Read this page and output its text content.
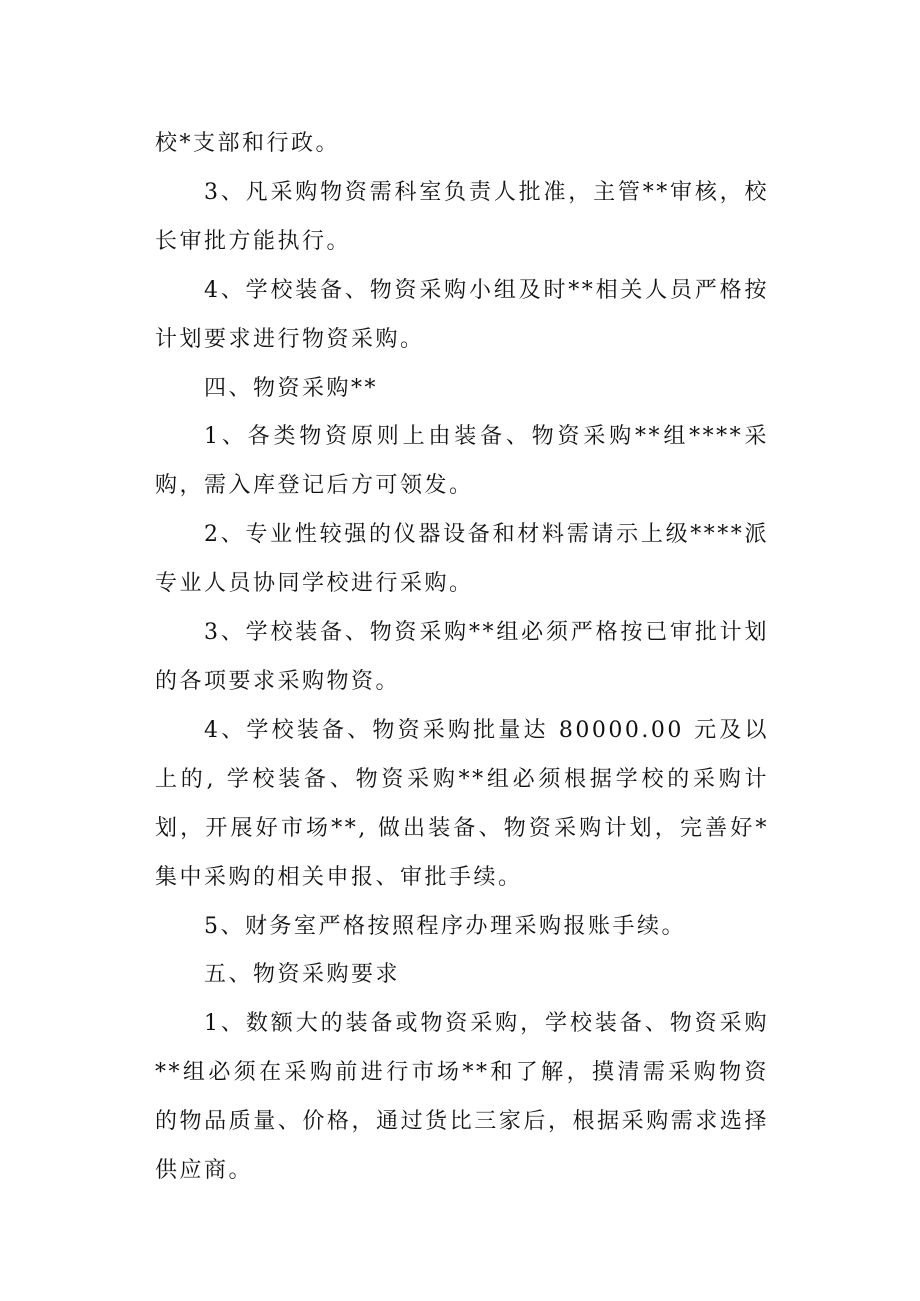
校*支部和行政。

3、凡采购物资需科室负责人批准，主管**审核，校长审批方能执行。

4、学校装备、物资采购小组及时**相关人员严格按计划要求进行物资采购。

四、物资采购**

1、各类物资原则上由装备、物资采购**组****采购，需入库登记后方可领发。

2、专业性较强的仪器设备和材料需请示上级****派专业人员协同学校进行采购。

3、学校装备、物资采购**组必须严格按已审批计划的各项要求采购物资。

4、学校装备、物资采购批量达 80000.00 元及以上的, 学校装备、物资采购**组必须根据学校的采购计划，开展好市场**, 做出装备、物资采购计划，完善好*集中采购的相关申报、审批手续。

5、财务室严格按照程序办理采购报账手续。

五、物资采购要求

1、数额大的装备或物资采购，学校装备、物资采购**组必须在采购前进行市场**和了解，摸清需采购物资的物品质量、价格，通过货比三家后，根据采购需求选择供应商。
